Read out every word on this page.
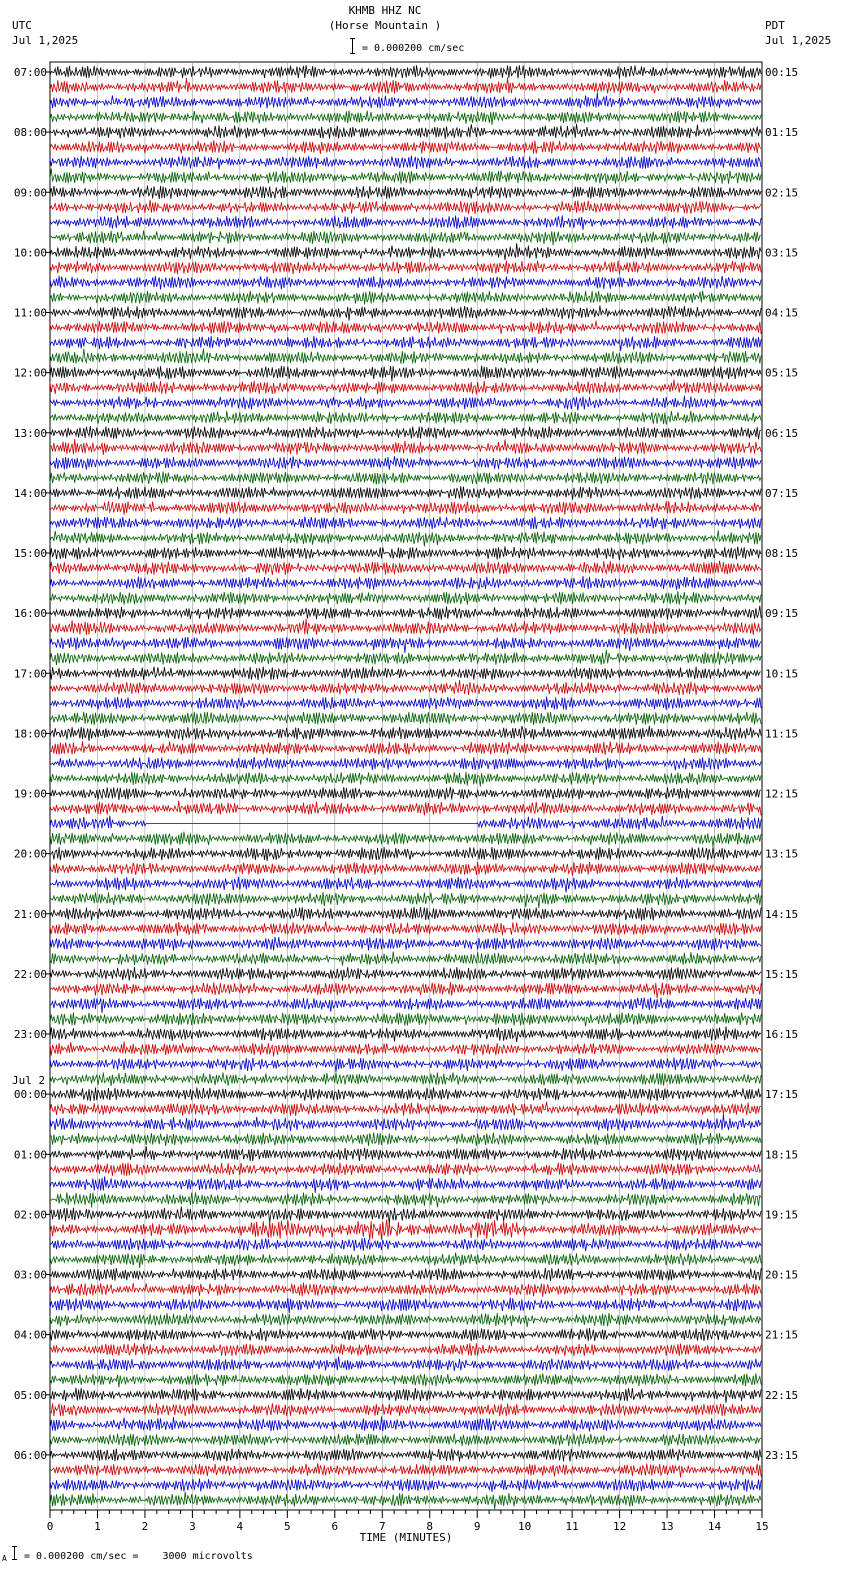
KHMB HHZ NC
(Horse Mountain )
= 0.000200 cm/sec
UTC
Jul 1,2025
PDT
Jul 1,2025
07:00	00:15
08:00	01:15
09:00	02:15
10:00	03:15
11:00	04:15
12:00	05:15
13:00	06:15
14:00	07:15
15:00	08:15
16:00	09:15
17:00	10:15
18:00	11:15
19:00	12:15
20:00	13:15
21:00	14:15
22:00	15:15
23:00	16:15
00:00	17:15
01:00	18:15
02:00	19:15
03:00	20:15
04:00	21:15
05:00	22:15
06:00	23:15
Jul 2
0	1	2	3	4	5	6	7	8	9	10	11	12	13	14	15
TIME (MINUTES)
A = 0.000200 cm/sec =    3000 microvolts
